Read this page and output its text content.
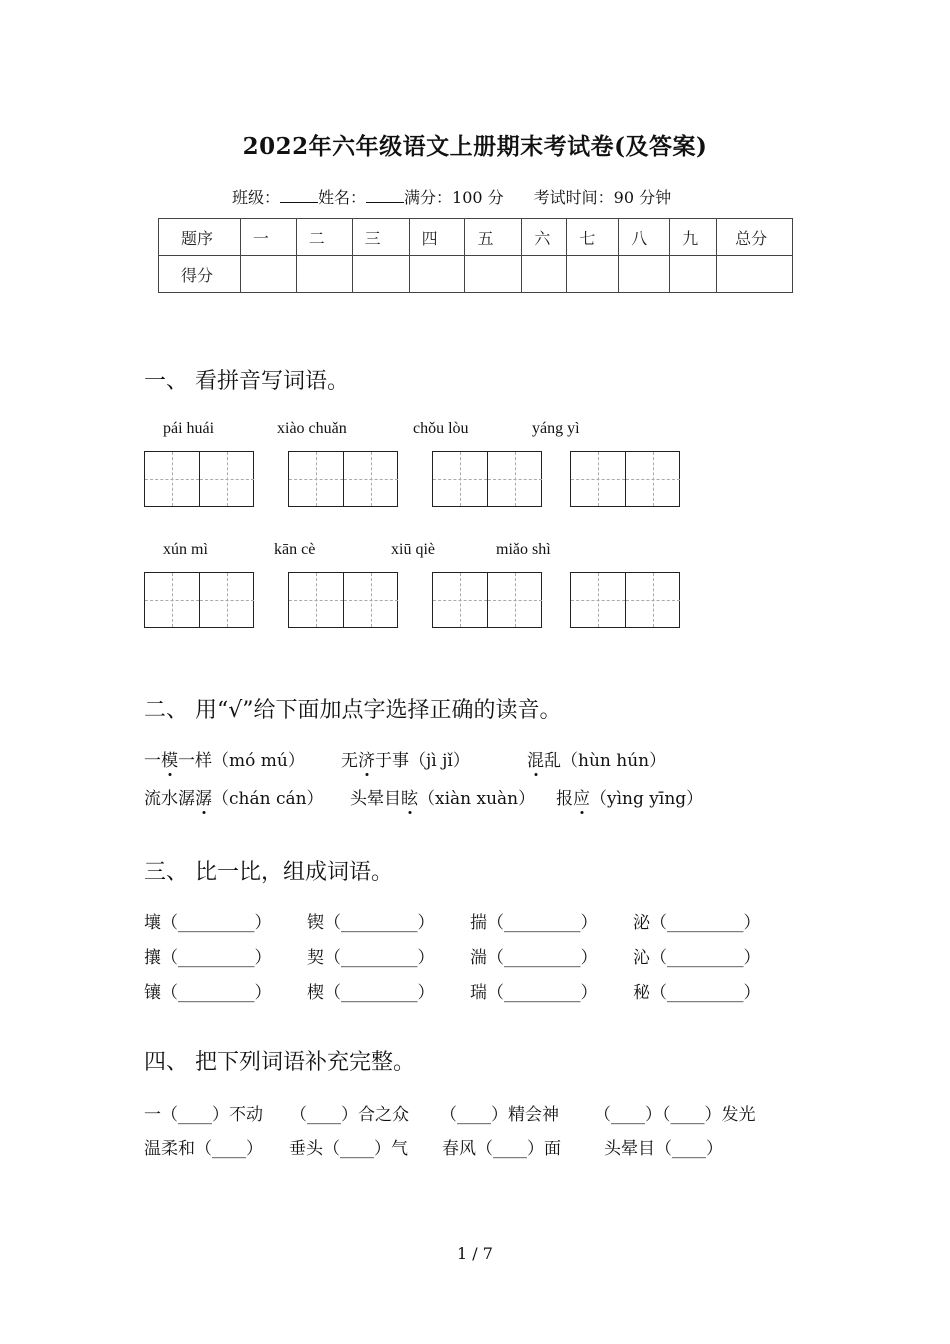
2022年六年级语文上册期末考试卷(及答案)
班级： 姓名： 满分：100 分 考试时间：90 分钟
题序	一	二	三	四	五	六	七	八	九	总分
得分										
一、 看拼音写词语。
pái huái	xiào chuǎn	chǒu lòu	yáng yì
xún mì	kān cè	xiū qiè	miǎo shì
二、 用“√”给下面加点字选择正确的读音。
一模一样（mó mú） 无济于事（jì jǐ）	混乱（hùn hún）
流水潺潺（chán cán） 头晕目眩（xiàn xuàn） 报应（yìng yīng）
三、 比一比，组成词语。
壤（_________） 锲（_________） 揣（_________） 泌（_________）
攘（_________） 契（_________） 湍（_________） 沁（_________）
镶（_________） 楔（_________） 瑞（_________） 秘（_________）
四、 把下列词语补充完整。
一（____）不动 （____）合之众 （____）精会神 （____）（____）发光
温柔和（____） 垂头（____）气 春风（____）面	头晕目（____）
1 / 7
